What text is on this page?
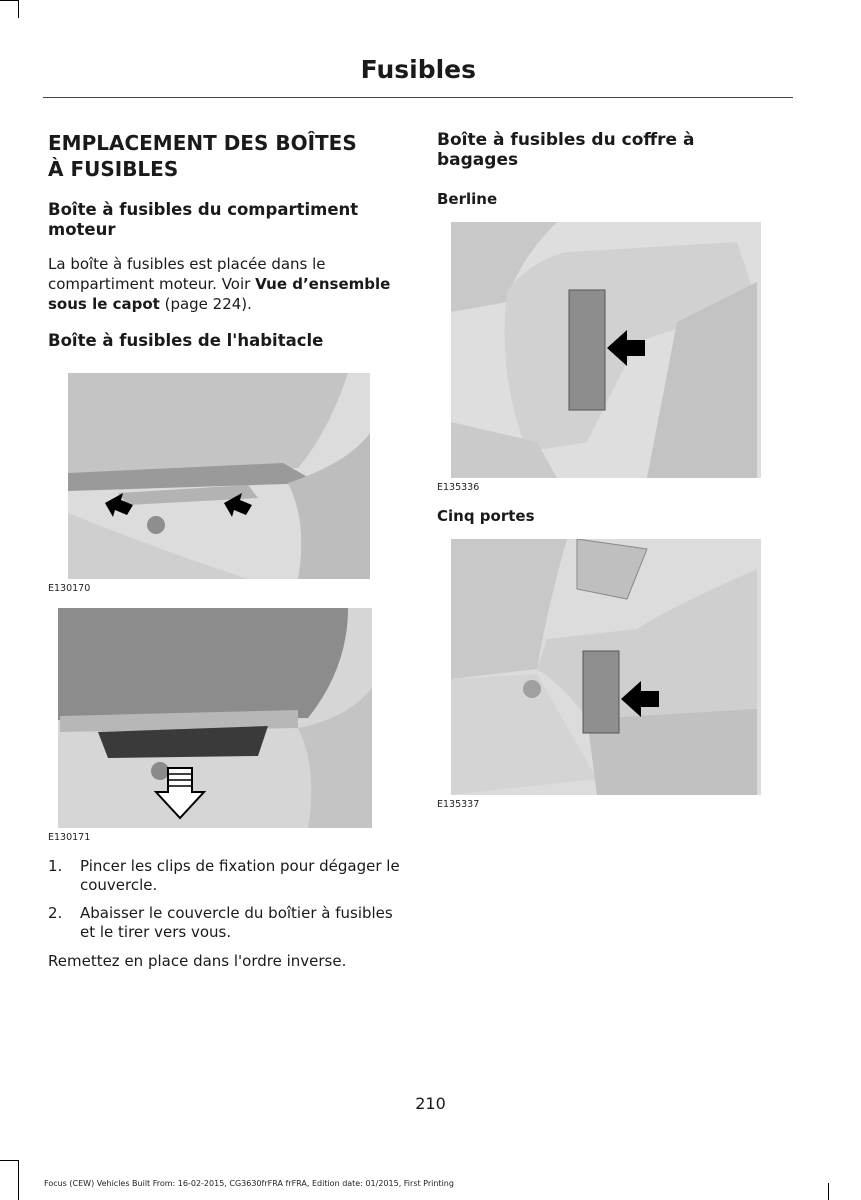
Fusibles
EMPLACEMENT DES BOÎTES
À FUSIBLES
Boîte à fusibles du compartiment moteur

La boîte à fusibles est placée dans le compartiment moteur. Voir Vue d’ensemble sous le capot (page 224).

Boîte à fusibles de l'habitacle
E130170
E130171
1. Pincer les clips de fixation pour dégager le couvercle.
2. Abaisser le couvercle du boîtier à fusibles et le tirer vers vous.

Remettez en place dans l'ordre inverse.

Boîte à fusibles du coffre à
bagages
Berline
E135336
Cinq portes
E135337
210
Focus (CEW) Vehicles Built From: 16-02-2015, CG3630frFRA frFRA, Edition date: 01/2015, First Printing
